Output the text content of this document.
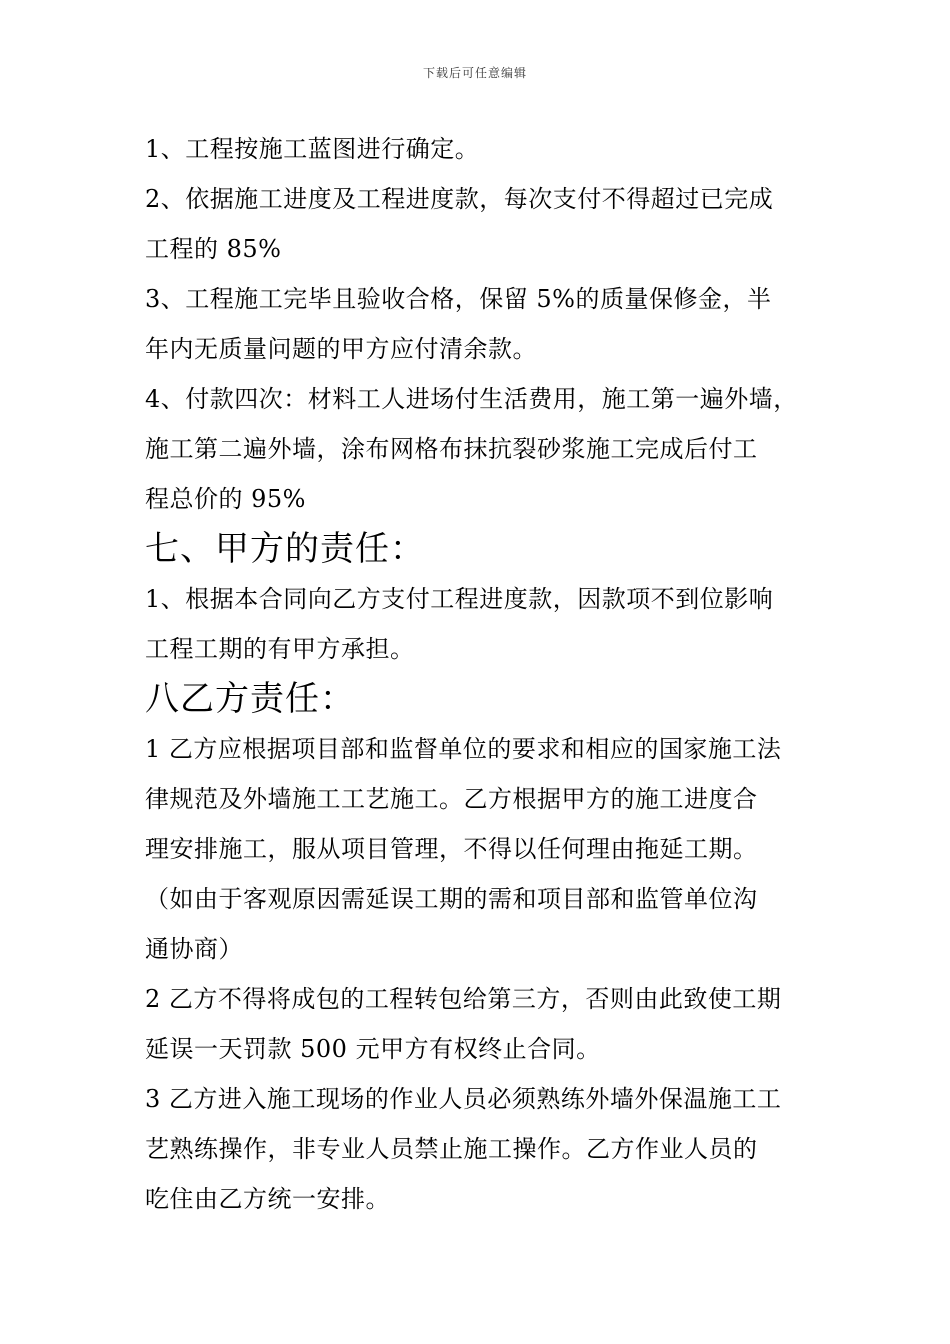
下载后可任意编辑
1、工程按施工蓝图进行确定。
2、依据施工进度及工程进度款，每次支付不得超过已完成
工程的 85%
3、工程施工完毕且验收合格，保留 5%的质量保修金，半
年内无质量问题的甲方应付清余款。
4、付款四次：材料工人进场付生活费用，施工第一遍外墙，
施工第二遍外墙，涂布网格布抹抗裂砂浆施工完成后付工
程总价的 95%
七、甲方的责任：
1、根据本合同向乙方支付工程进度款，因款项不到位影响
工程工期的有甲方承担。
八乙方责任：
1 乙方应根据项目部和监督单位的要求和相应的国家施工法
律规范及外墙施工工艺施工。乙方根据甲方的施工进度合
理安排施工，服从项目管理，不得以任何理由拖延工期。
（如由于客观原因需延误工期的需和项目部和监管单位沟
通协商）
2 乙方不得将成包的工程转包给第三方，否则由此致使工期
延误一天罚款 500 元甲方有权终止合同。
3 乙方进入施工现场的作业人员必须熟练外墙外保温施工工
艺熟练操作，非专业人员禁止施工操作。乙方作业人员的
吃住由乙方统一安排。
